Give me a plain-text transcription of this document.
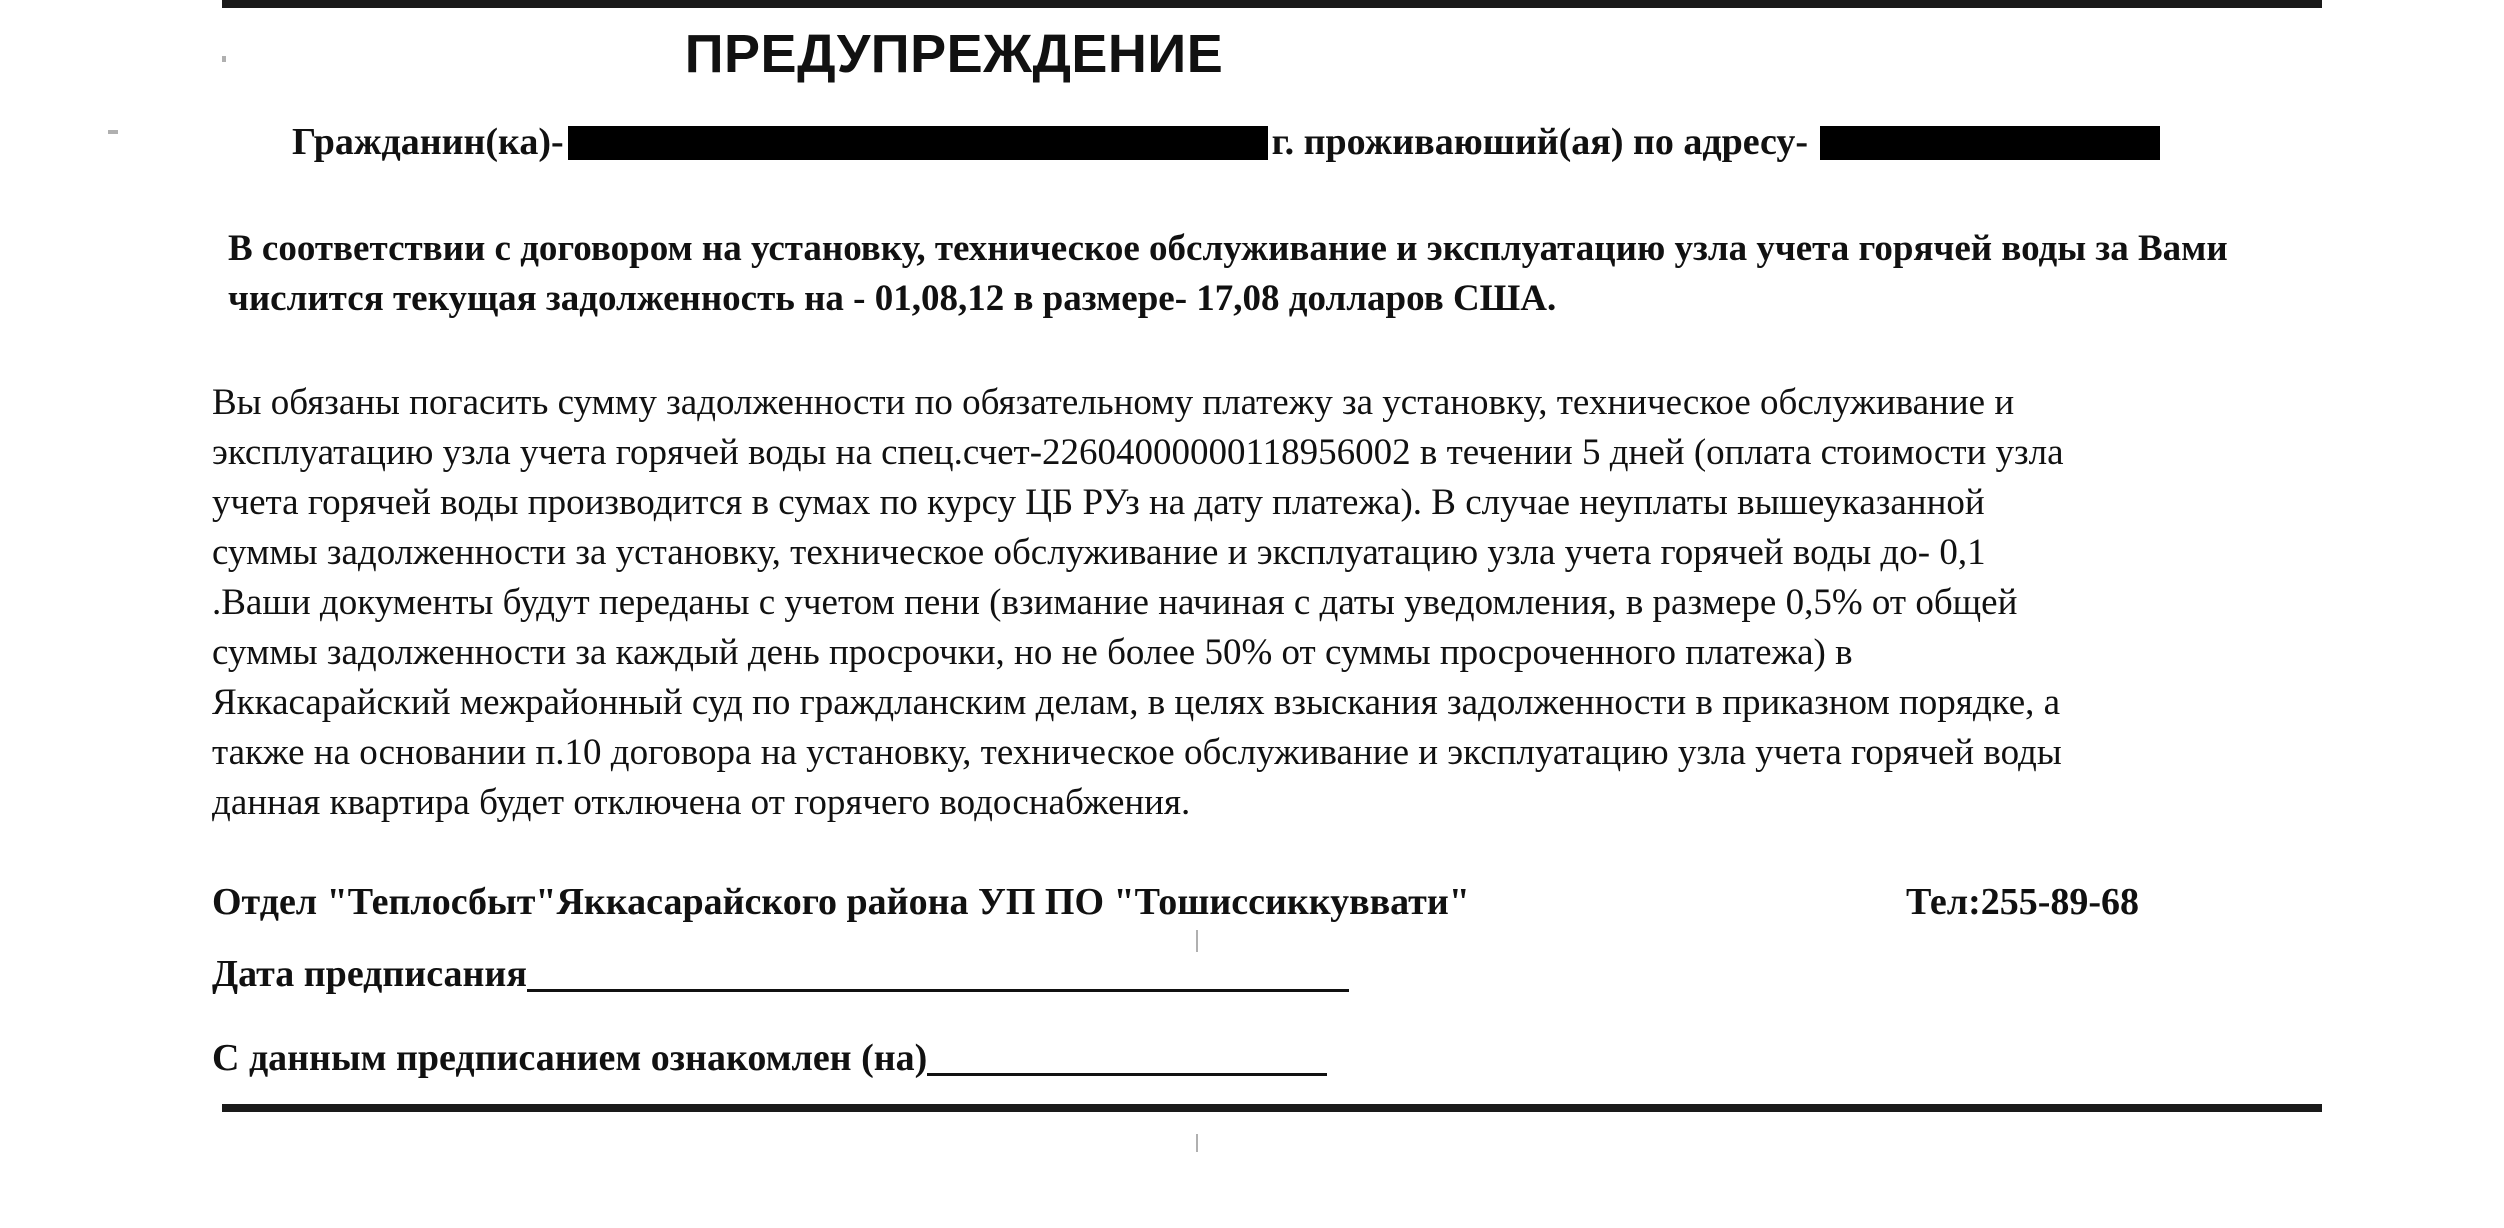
ПРЕДУПРЕЖДЕНИЕ
Гражданин(ка)-	г. проживаюший(ая) по адресу-
В соответствии с договором на установку, техническое обслуживание и эксплуатацию узла учета горячей воды за Вами числится текущая задолженность на - 01,08,12 в размере- 17,08 долларов США.
Вы обязаны погасить сумму задолженности по обязательному платежу за установку, техническое обслуживание и
эксплуатацию узла учета горячей воды на спец.счет-22604000000118956002 в течении 5 дней (оплата стоимости узла
учета горячей воды производится в сумах по курсу ЦБ РУз на дату платежа). В случае неуплаты вышеуказанной
суммы задолженности за установку, техническое обслуживание и эксплуатацию узла учета горячей воды до- 0,1
.Ваши документы будут переданы с учетом пени (взимание начиная с даты уведомления, в размере 0,5% от общей
суммы задолженности за каждый день просрочки, но не более 50% от суммы просроченного платежа) в
Яккасарайский межрайонный суд по граждланским делам, в целях взыскания задолженности в приказном порядке, а
также на основании п.10 договора на установку, техническое обслуживание и эксплуатацию узла учета горячей воды
данная квартира будет отключена от горячего водоснабжения.
Отдел "Теплосбыт"Яккасарайского района УП ПО "Тошиссиккуввати"	Тел:255-89-68
Дата предписания
С данным предписанием ознакомлен (на)
